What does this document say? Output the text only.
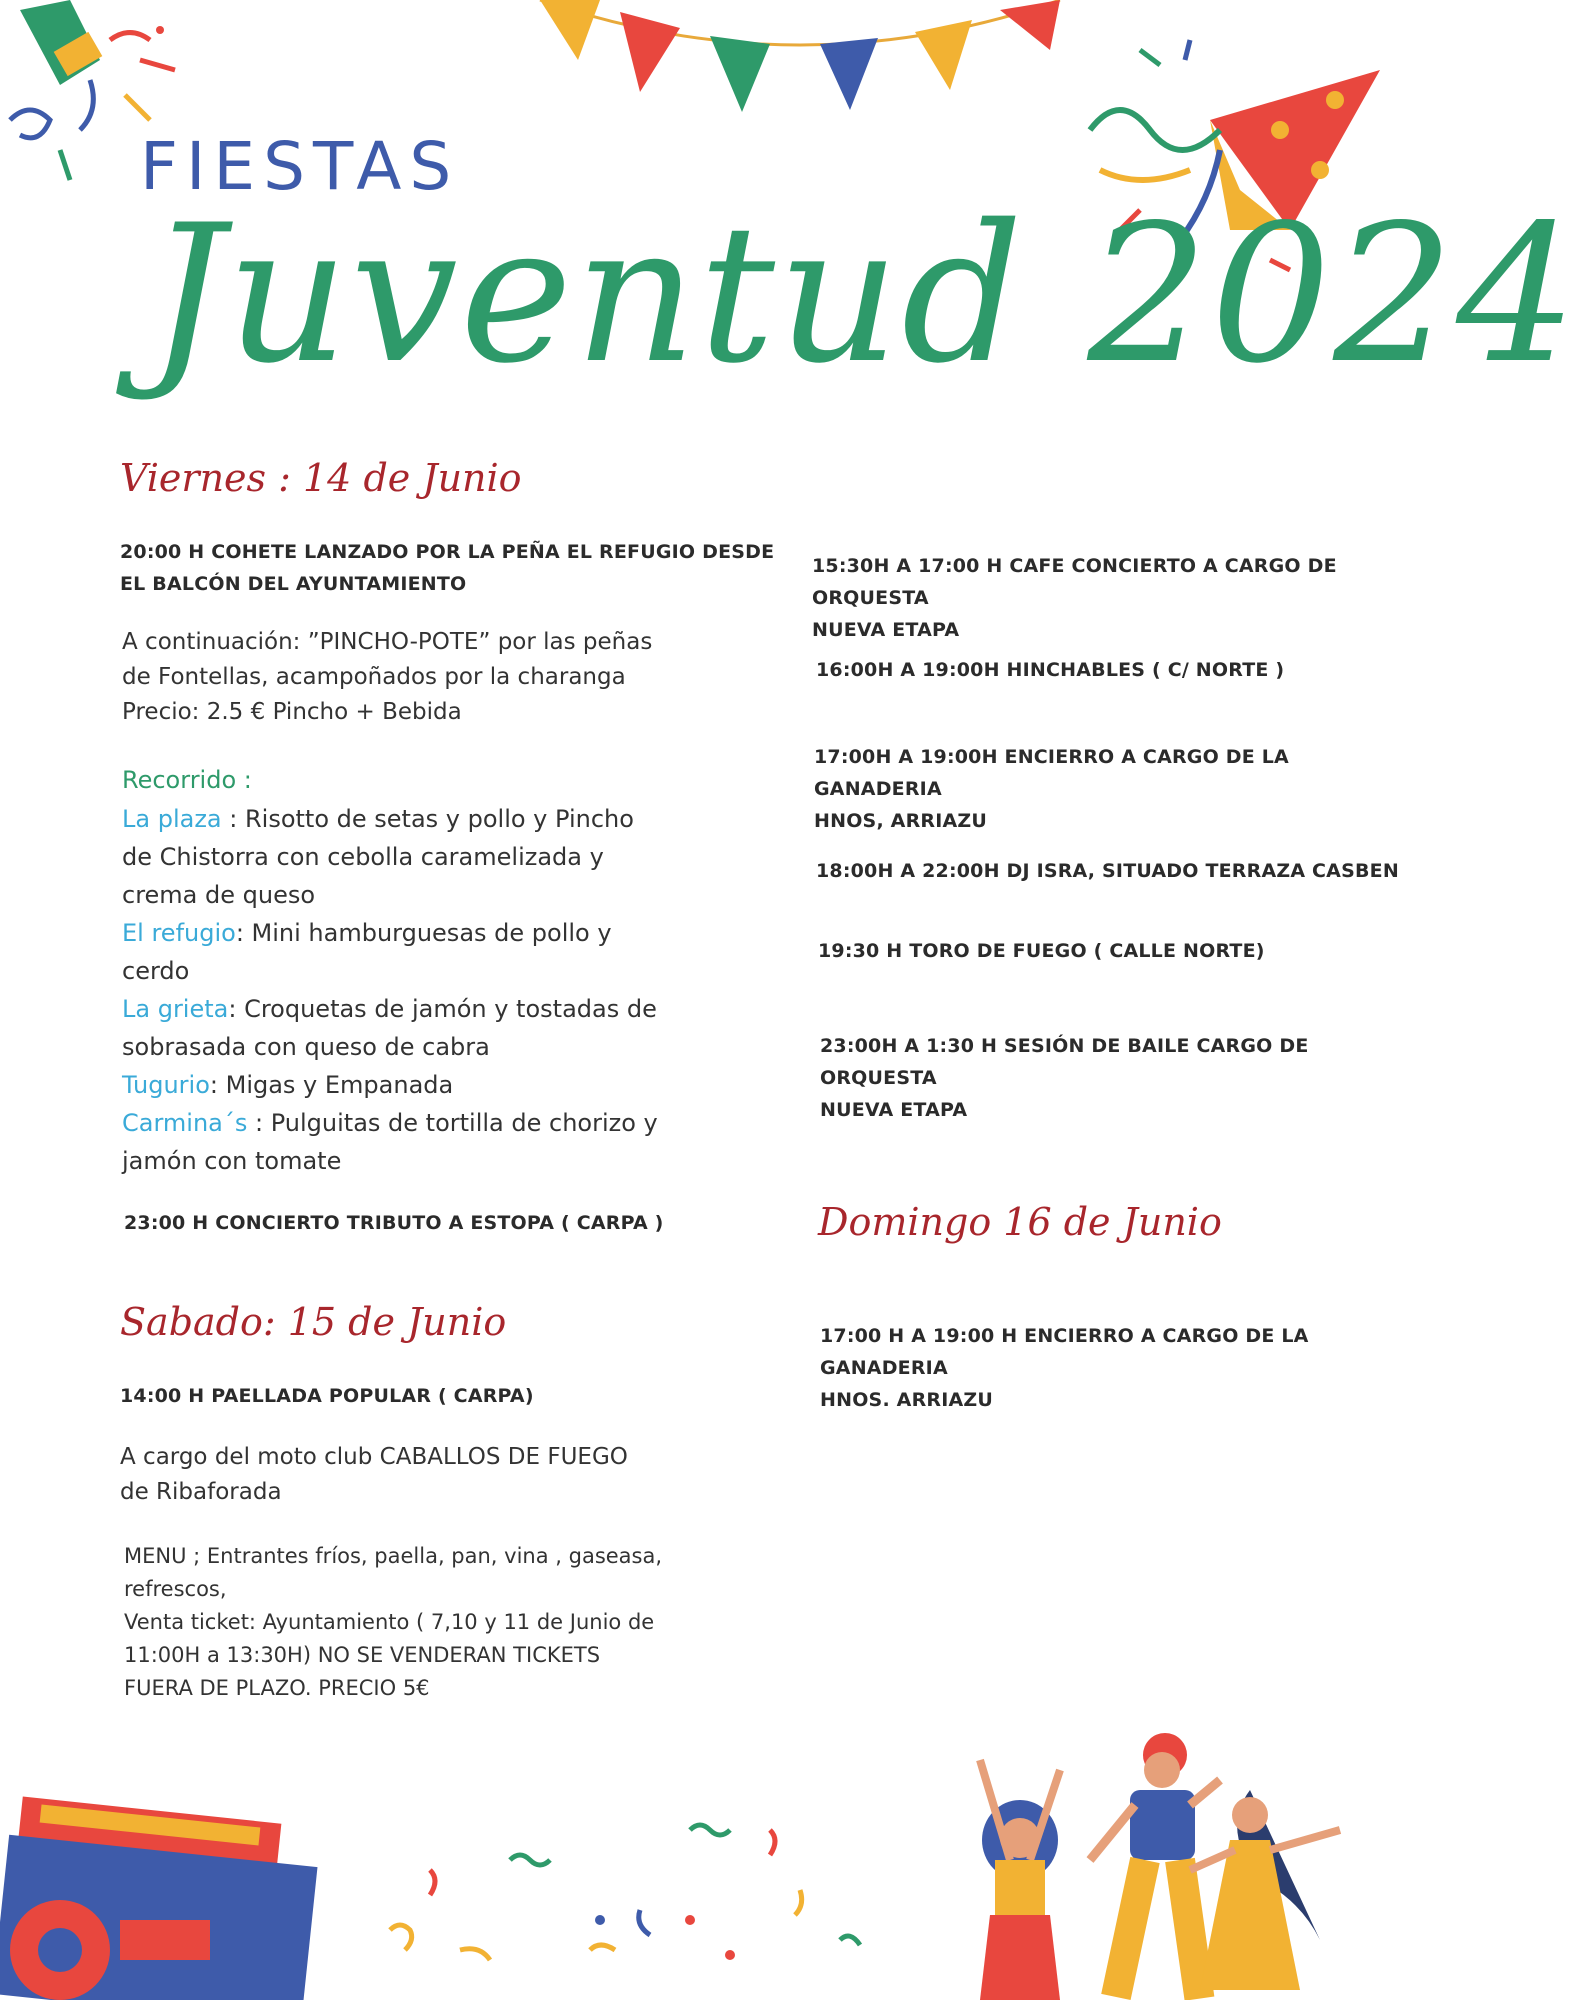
FIESTAS
Juventud 2024
Viernes : 14 de Junio
20:00 H COHETE LANZADO POR LA PEÑA EL REFUGIO DESDE
EL BALCÓN DEL AYUNTAMIENTO
A continuación: ”PINCHO-POTE” por las peñas
de Fontellas, acampoñados por la charanga
Precio: 2.5 € Pincho + Bebida
Recorrido :
La plaza : Risotto de setas y pollo y Pincho
de Chistorra con cebolla caramelizada y
crema de queso
El refugio: Mini hamburguesas de pollo y
cerdo
La grieta: Croquetas de jamón y tostadas de
sobrasada con queso de cabra
Tugurio: Migas y Empanada
Carmina´s : Pulguitas de tortilla de chorizo y
jamón con tomate
23:00 H CONCIERTO TRIBUTO A ESTOPA ( CARPA )
Sabado: 15 de Junio
14:00 H PAELLADA POPULAR ( CARPA)
A cargo del moto club CABALLOS DE FUEGO
de Ribaforada
MENU ; Entrantes fríos, paella, pan, vina , gaseasa,
refrescos,
Venta ticket: Ayuntamiento ( 7,10 y 11 de Junio de
11:00H a 13:30H) NO SE VENDERAN TICKETS
FUERA DE PLAZO. PRECIO 5€
15:30H A 17:00 H CAFE CONCIERTO A CARGO DE ORQUESTA
NUEVA ETAPA
16:00H A 19:00H HINCHABLES ( C/ NORTE )
17:00H A 19:00H ENCIERRO A CARGO DE LA GANADERIA
HNOS, ARRIAZU
18:00H A 22:00H DJ ISRA, SITUADO TERRAZA CASBEN
19:30 H TORO DE FUEGO ( CALLE NORTE)
23:00H A 1:30 H SESIÓN DE BAILE CARGO DE ORQUESTA
NUEVA ETAPA
Domingo 16 de Junio
17:00 H A 19:00 H ENCIERRO A CARGO DE LA GANADERIA
HNOS. ARRIAZU
